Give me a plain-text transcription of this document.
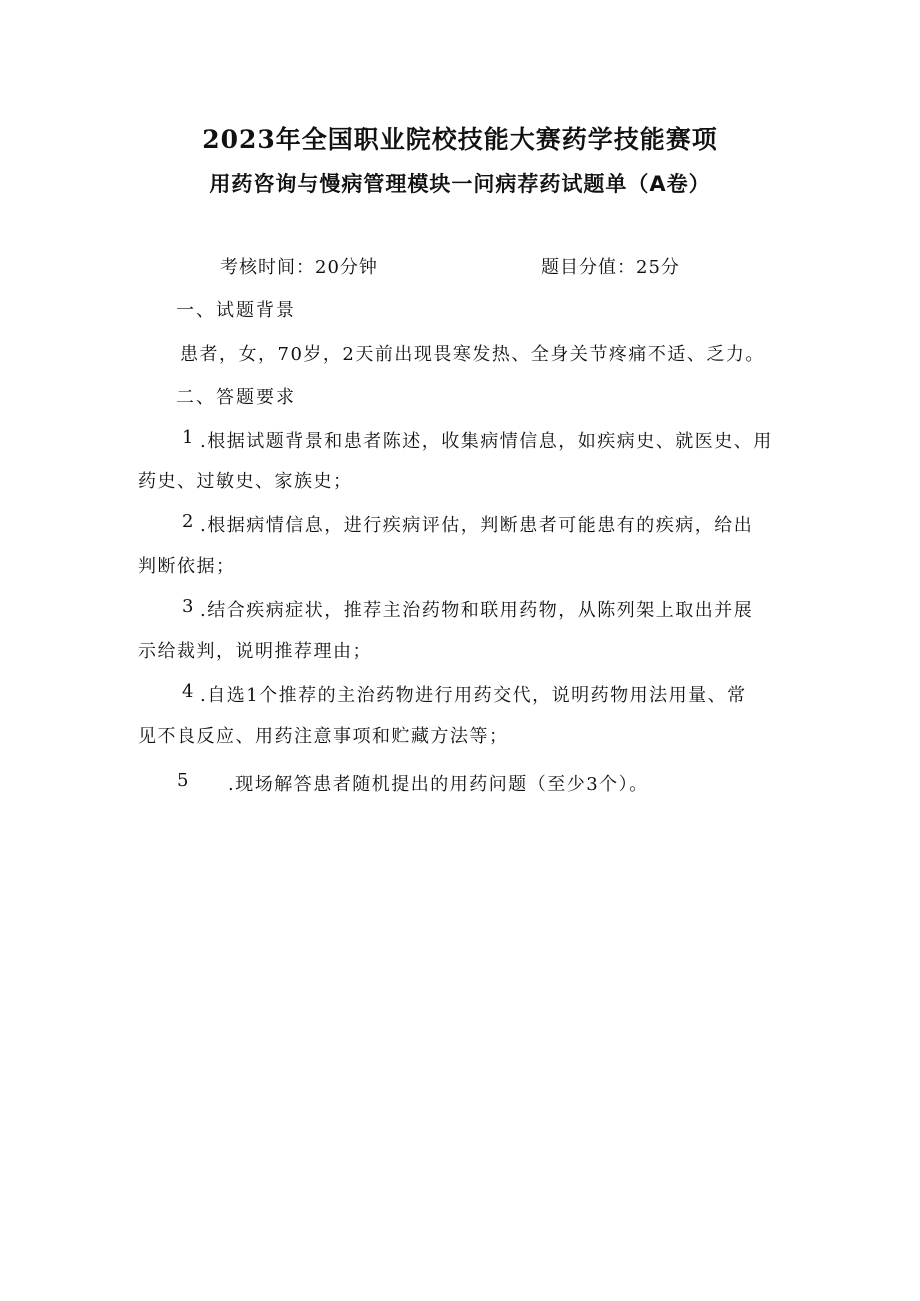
2023年全国职业院校技能大赛药学技能赛项
用药咨询与慢病管理模块一问病荐药试题单（A卷）
考核时间：20分钟	题目分值：25分
一、试题背景
患者，女，70岁，2天前出现畏寒发热、全身关节疼痛不适、乏力。
二、答题要求
1 .根据试题背景和患者陈述，收集病情信息，如疾病史、就医史、用
药史、过敏史、家族史；
2 .根据病情信息，进行疾病评估，判断患者可能患有的疾病，给出
判断依据；
3 .结合疾病症状，推荐主治药物和联用药物，从陈列架上取出并展
示给裁判，说明推荐理由；
4 .自选1个推荐的主治药物进行用药交代，说明药物用法用量、常
见不良反应、用药注意事项和贮藏方法等；
5 .现场解答患者随机提出的用药问题（至少3个）。
